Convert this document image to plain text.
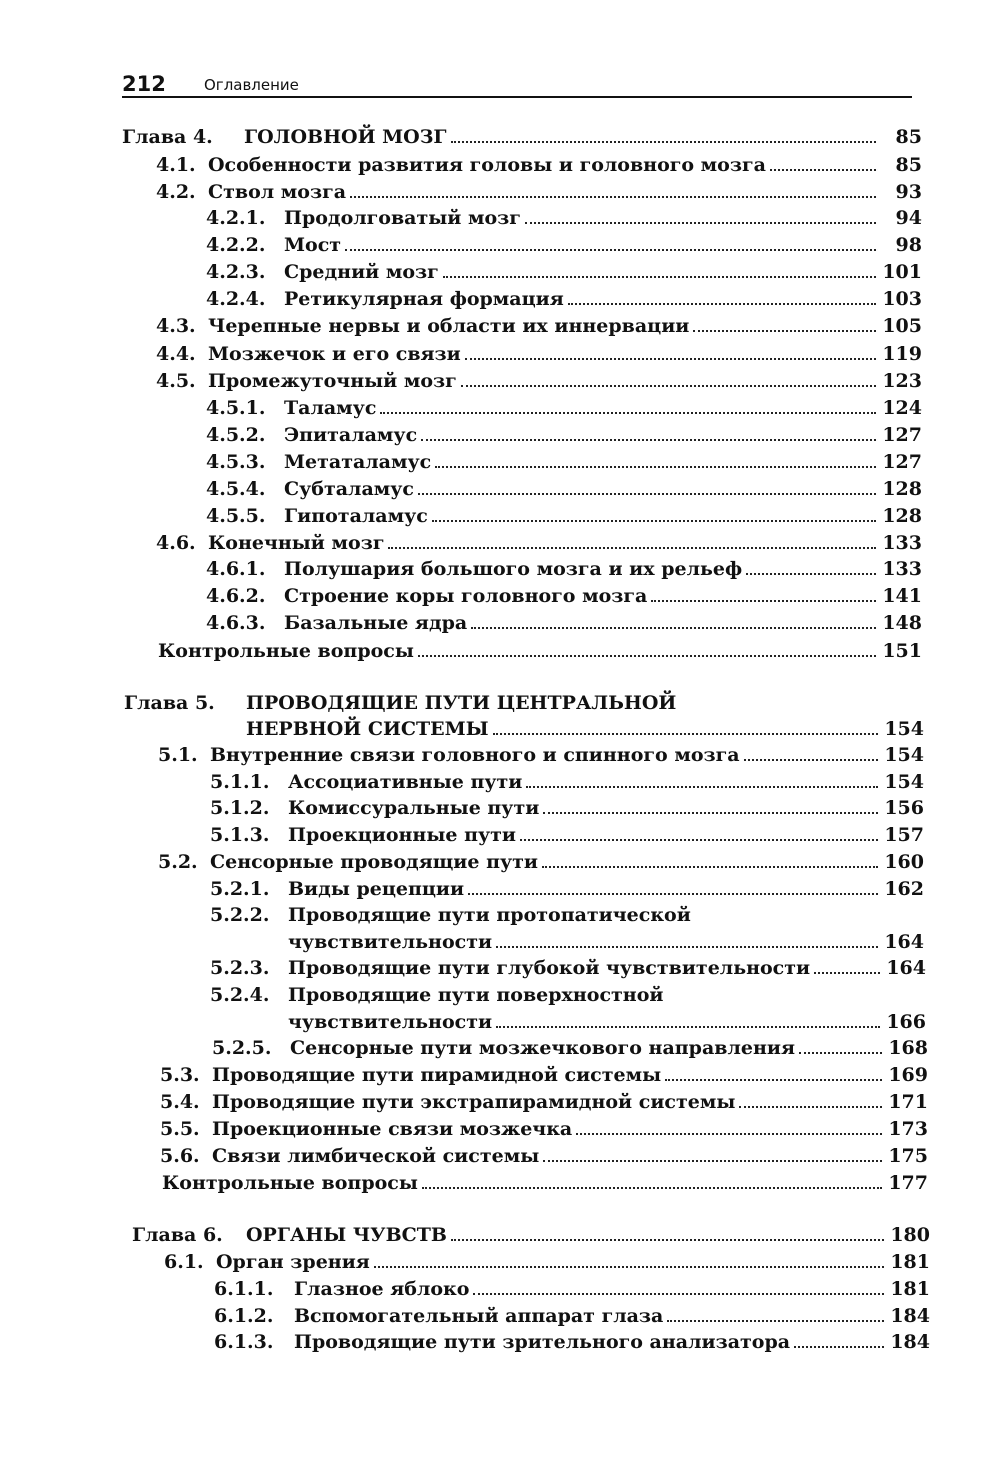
212	Оглавление
Глава 4.	ГОЛОВНОЙ МОЗГ	85
4.1. Особенности развития головы и головного мозга	85
4.2. Ствол мозга	93
4.2.1. Продолговатый мозг	94
4.2.2. Мост	98
4.2.3. Средний мозг	101
4.2.4. Ретикулярная формация	103
4.3. Черепные нервы и области их иннервации	105
4.4. Мозжечок и его связи	119
4.5. Промежуточный мозг	123
4.5.1. Таламус	124
4.5.2. Эпиталамус	127
4.5.3. Метаталамус	127
4.5.4. Субталамус	128
4.5.5. Гипоталамус	128
4.6. Конечный мозг	133
4.6.1. Полушария большого мозга и их рельеф	133
4.6.2. Строение коры головного мозга	141
4.6.3. Базальные ядра	148
Контрольные вопросы	151
Глава 5. ПРОВОДЯЩИЕ ПУТИ ЦЕНТРАЛЬНОЙ
НЕРВНОЙ СИСТЕМЫ	154
5.1. Внутренние связи головного и спинного мозга	154
5.1.1. Ассоциативные пути	154
5.1.2. Комиссуральные пути	156
5.1.3. Проекционные пути	157
5.2. Сенсорные проводящие пути	160
5.2.1. Виды рецепции	162
5.2.2. Проводящие пути протопатической
чувствительности	164
5.2.3. Проводящие пути глубокой чувствительности	164
5.2.4. Проводящие пути поверхностной
чувствительности	166
5.2.5. Сенсорные пути мозжечкового направления	168
5.3. Проводящие пути пирамидной системы	169
5.4. Проводящие пути экстрапирамидной системы	171
5.5. Проекционные связи мозжечка	173
5.6. Связи лимбической системы	175
Контрольные вопросы	177
Глава 6.	ОРГАНЫ ЧУВСТВ	180
6.1. Орган зрения	181
6.1.1.	Глазное яблоко	181
6.1.2.	Вспомогательный аппарат глаза	184
6.1.3.	Проводящие пути зрительного анализатора	184
